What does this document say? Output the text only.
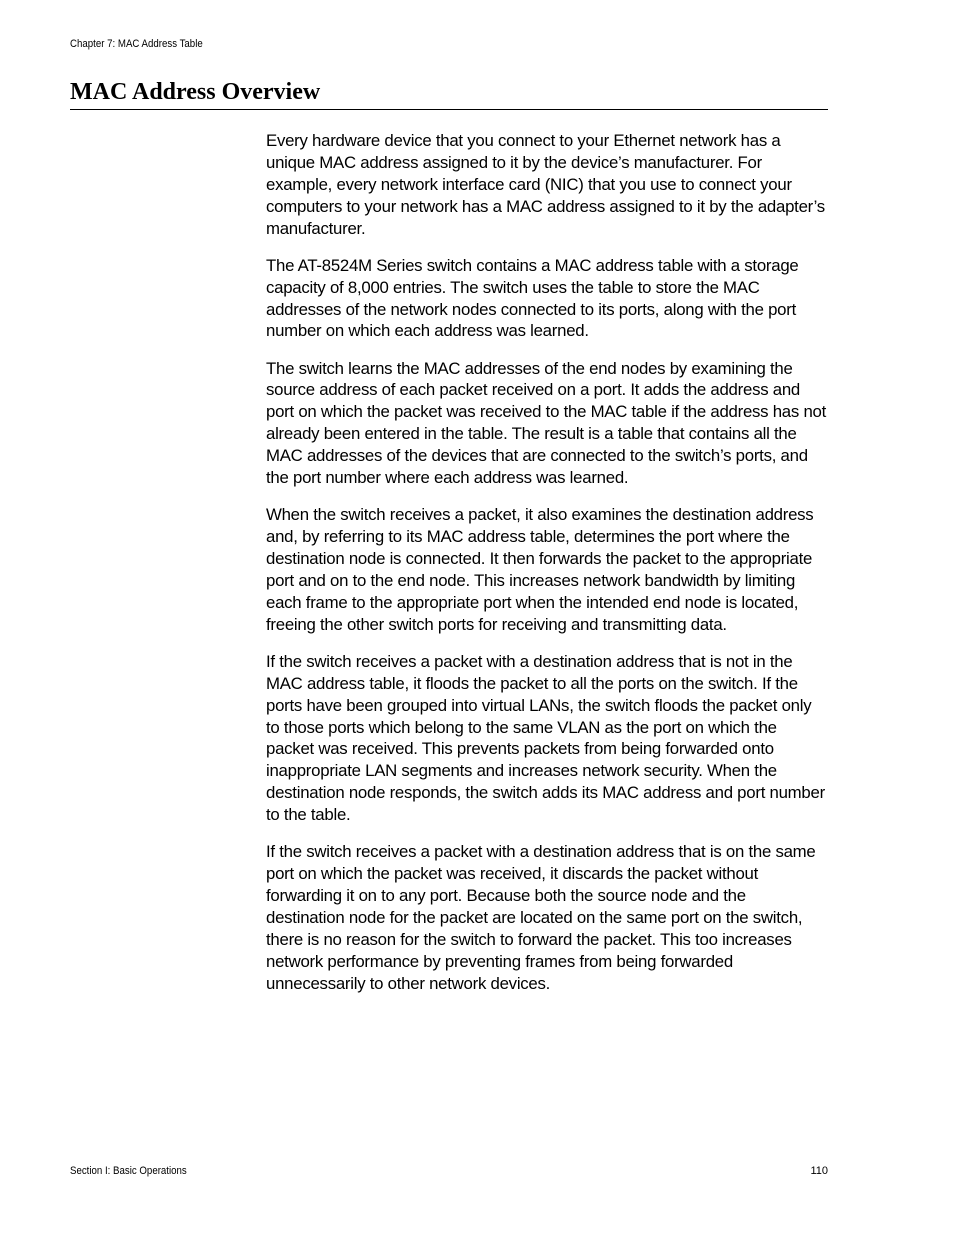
Chapter 7: MAC Address Table
MAC Address Overview

Every hardware device that you connect to your Ethernet network has a unique MAC address assigned to it by the device’s manufacturer. For example, every network interface card (NIC) that you use to connect your computers to your network has a MAC address assigned to it by the adapter’s manufacturer.

The AT-8524M Series switch contains a MAC address table with a storage capacity of 8,000 entries. The switch uses the table to store the MAC addresses of the network nodes connected to its ports, along with the port number on which each address was learned.

The switch learns the MAC addresses of the end nodes by examining the source address of each packet received on a port. It adds the address and port on which the packet was received to the MAC table if the address has not already been entered in the table. The result is a table that contains all the MAC addresses of the devices that are connected to the switch’s ports, and the port number where each address was learned.

When the switch receives a packet, it also examines the destination address and, by referring to its MAC address table, determines the port where the destination node is connected. It then forwards the packet to the appropriate port and on to the end node. This increases network bandwidth by limiting each frame to the appropriate port when the intended end node is located, freeing the other switch ports for receiving and transmitting data.

If the switch receives a packet with a destination address that is not in the MAC address table, it floods the packet to all the ports on the switch. If the ports have been grouped into virtual LANs, the switch floods the packet only to those ports which belong to the same VLAN as the port on which the packet was received. This prevents packets from being forwarded onto inappropriate LAN segments and increases network security. When the destination node responds, the switch adds its MAC address and port number to the table.

If the switch receives a packet with a destination address that is on the same port on which the packet was received, it discards the packet without forwarding it on to any port. Because both the source node and the destination node for the packet are located on the same port on the switch, there is no reason for the switch to forward the packet. This too increases network performance by preventing frames from being forwarded unnecessarily to other network devices.

Section I: Basic Operations	110
